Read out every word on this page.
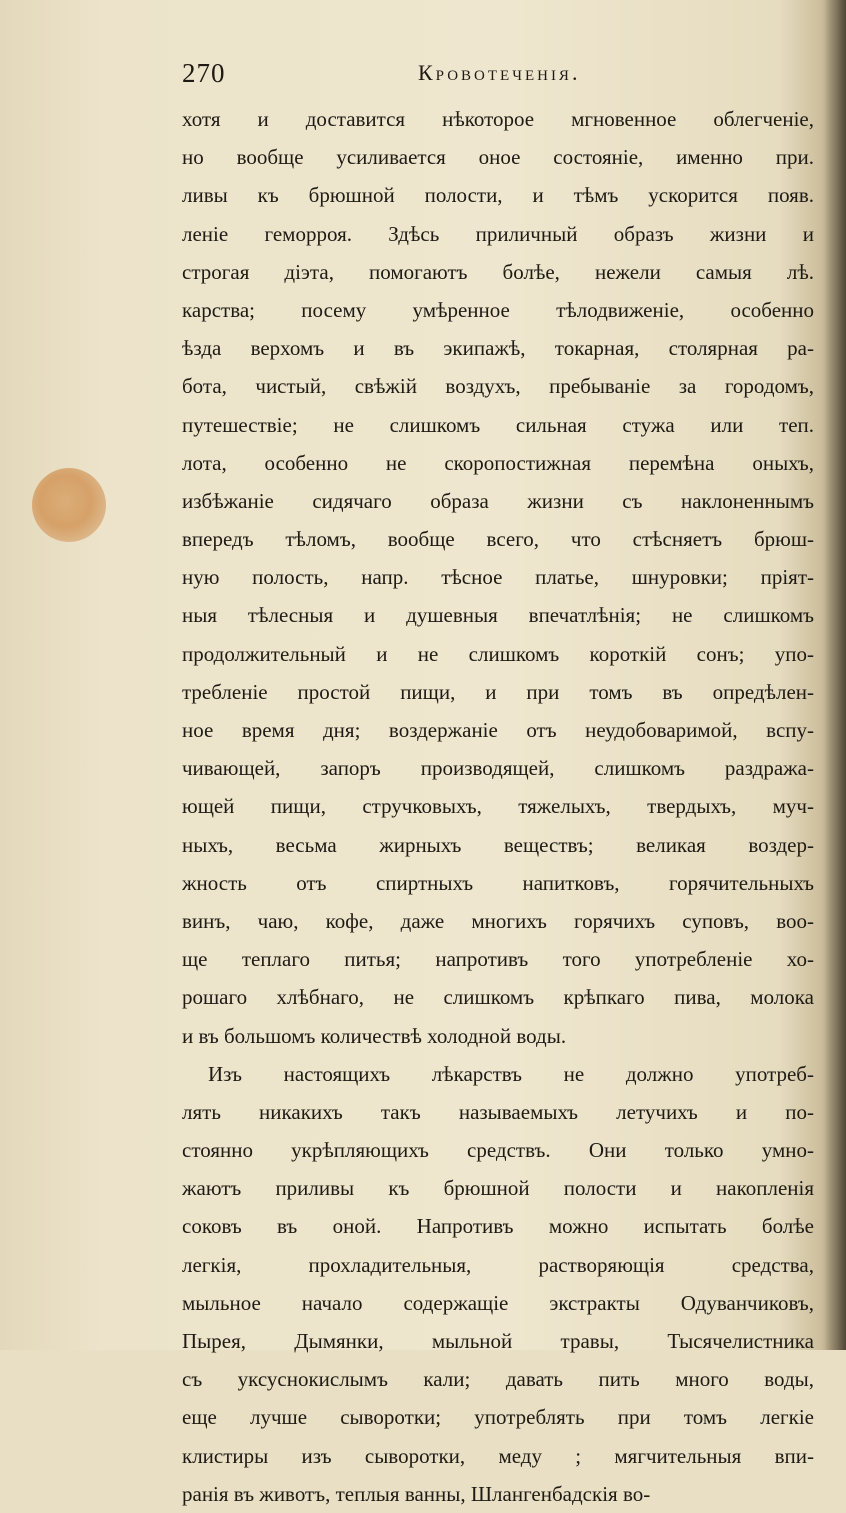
270	Кровотеченія.
хотя и доставится нѣкоторое мгновенное облегченіе,
но вообще усиливается оное состояніе, именно при.
ливы къ брюшной полости, и тѣмъ ускорится появ.
леніе геморроя. Здѣсь приличный образъ жизни и
строгая діэта, помогаютъ болѣе, нежели самыя лѣ.
карства; посему умѣренное тѣлодвиженіе, особенно
ѣзда верхомъ и въ экипажѣ, токарная, столярная ра-
бота, чистый, свѣжій воздухъ, пребываніе за городомъ,
путешествіе; не слишкомъ сильная стужа или теп.
лота, особенно не скоропостижная перемѣна оныхъ,
избѣжаніе сидячаго образа жизни съ наклоненнымъ
впередъ тѣломъ, вообще всего, что стѣсняетъ брюш-
ную полость, напр. тѣсное платье, шнуровки; пріят-
ныя тѣлесныя и душевныя впечатлѣнія; не слишкомъ
продолжительный и не слишкомъ короткій сонъ; упо-
требленіе простой пищи, и при томъ въ опредѣлен-
ное время дня; воздержаніе отъ неудобоваримой, вспу-
чивающей, запоръ производящей, слишкомъ раздража-
ющей пищи, стручковыхъ, тяжелыхъ, твердыхъ, муч-
ныхъ, весьма жирныхъ веществъ; великая воздер-
жность отъ спиртныхъ напитковъ, горячительныхъ
винъ, чаю, кофе, даже многихъ горячихъ суповъ, воо-
ще теплаго питья; напротивъ того употребленіе хо-
рошаго хлѣбнаго, не слишкомъ крѣпкаго пива, молока
и въ большомъ количествѣ холодной воды.
Изъ настоящихъ лѣкарствъ не должно употреб-
лять никакихъ такъ называемыхъ летучихъ и по-
стоянно укрѣпляющихъ средствъ. Они только умно-
жаютъ приливы къ брюшной полости и накопленія
соковъ въ оной. Напротивъ можно испытать болѣе
легкія, прохладительныя, растворяющія средства,
мыльное начало содержащіе экстракты Одуванчиковъ,
Пырея, Дымянки, мыльной травы, Тысячелистника
съ уксуснокислымъ кали; давать пить много воды,
еще лучше сыворотки; употреблять при томъ легкіе
клистиры изъ сыворотки, меду ; мягчительныя впи-
ранія въ животъ, теплыя ванны, Шлангенбадскія во-
